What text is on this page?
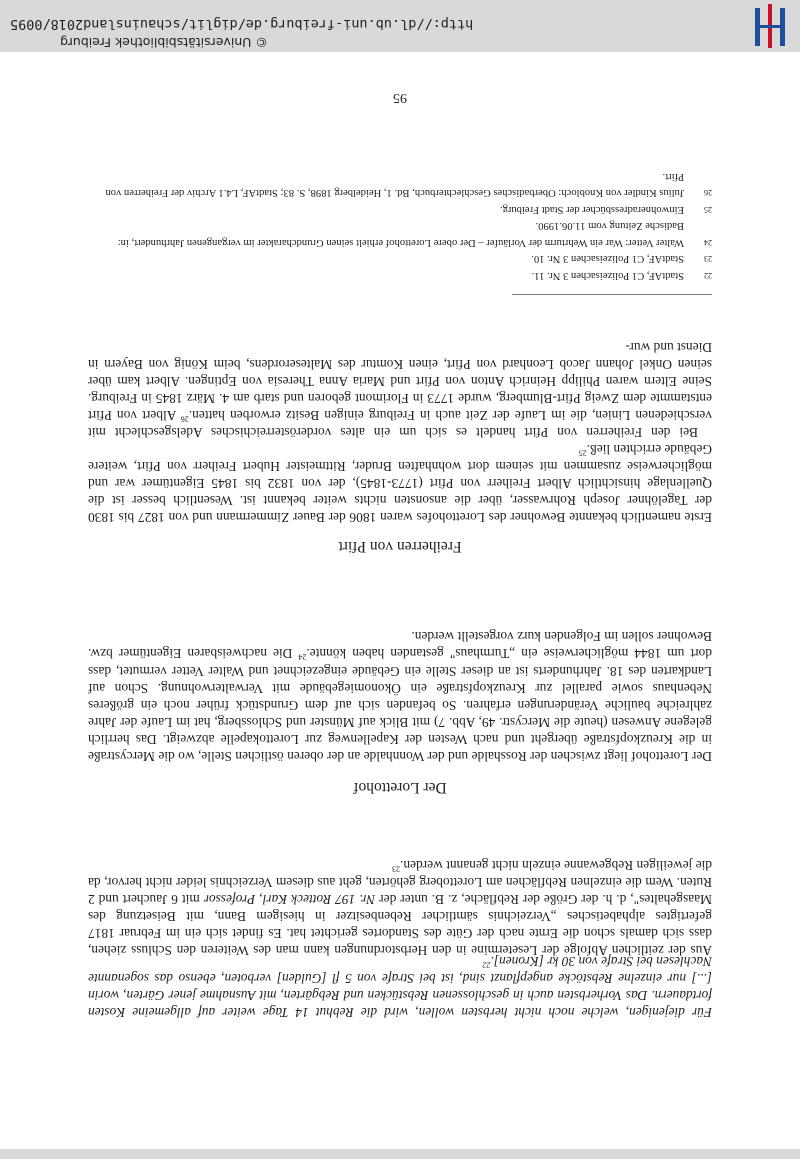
Für diejenigen, welche noch nicht herbsten wollen, wird die Rebhut 14 Tage weiter auf allgemeine Kosten fortdauern. Das Vorherbsten auch in geschlossenen Rebstücken und Rebgärten, mit Ausnahme jener Gärten, worin [...] nur einzelne Rebstöcke angepflanzt sind, ist bei Strafe von 5 fl [Gulden] verboten, ebenso das sogenannte Nachlesen bei Strafe von 30 kr [Kronen].$^{22}$
Aus der zeitlichen Abfolge der Lesetermine in den Herbstordnungen kann man des Weiteren den Schluss ziehen, dass sich damals schon die Ernte nach der Güte des Standortes gerichtet hat. Es findet sich ein im Februar 1817 gefertigtes alphabetisches „Verzeichnis sämtlicher Rebenbesitzer in hiesigem Bann, mit Beisetzung des Maasgehaltes", d. h. der Größe der Rebfläche, z. B. unter der Nr. 197 Rotteck Karl, Professor mit 6 Jauchert und 2 Ruten. Wem die einzelnen Rebflächen am Lorettoberg gehörten, geht aus diesem Verzeichnis leider nicht hervor, da die jeweiligen Rebgewanne einzeln nicht genannt werden.$^{23}$
Der Lorettohof
Der Lorettohof liegt zwischen der Rosshalde und der Wonnhalde an der oberen östlichen Stelle, wo die Mercystraße in die Kreuzkopfstraße übergeht und nach Westen der Kapellenweg zur Lorettokapelle abzweigt. Das herrlich gelegene Anwesen (heute die Mercystr. 49, Abb. 7) mit Blick auf Münster und Schlossberg, hat im Laufe der Jahre zahlreiche bauliche Veränderungen erfahren. So befanden sich auf dem Grundstück früher noch ein größeres Nebenhaus sowie parallel zur Kreuzkopfstraße ein Ökonomiegebäude mit Verwalterwohnung. Schon auf Landkarten des 18. Jahrhunderts ist an dieser Stelle ein Gebäude eingezeichnet und Walter Vetter vermutet, dass dort um 1844 möglicherweise ein „Turmhaus" gestanden haben könnte.$^{24}$ Die nachweisbaren Eigentümer bzw. Bewohner sollen im Folgenden kurz vorgestellt werden.
Freiherren von Pfirt
Erste namentlich bekannte Bewohner des Lorettohofes waren 1806 der Bauer Zimmermann und von 1827 bis 1830 der Tagelöhner Joseph Rohrwasser, über die ansonsten nichts weiter bekannt ist. Wesentlich besser ist die Quellenlage hinsichtlich Albert Freiherr von Pfirt (1773-1845), der von 1832 bis 1845 Eigentümer war und möglicherweise zusammen mit seinem dort wohnhaften Bruder, Rittmeister Hubert Freiherr von Pfirt, weitere Gebäude errichten ließ.$^{25}$
Bei den Freiherren von Pfirt handelt es sich um ein altes vorderösterreichisches Adelsgeschlecht mit verschiedenen Linien, die im Laufe der Zeit auch in Freiburg einigen Besitz erworben hatten.$^{26}$ Albert von Pfirt entstammte dem Zweig Pfirt-Blumberg, wurde 1773 in Florimont geboren und starb am 4. März 1845 in Freiburg. Seine Eltern waren Philipp Heinrich Anton von Pfirt und Maria Anna Theresia von Eptingen. Albert kam über seinen Onkel Johann Jacob Leonhard von Pfirt, einen Komtur des Malteserordens, beim König von Bayern in Dienst und wur-
22
StadtAF, C1 Polizeisachen 3 Nr. 11.
23
StadtAF, C1 Polizeisachen 3 Nr. 10.
24
Walter Vetter: War ein Wehrturm der Vorläufer – Der obere Lorettohof erhielt seinen Grundcharakter im vergangenen Jahrhundert, in: Badische Zeitung vom 11.06.1990.
25
Einwohneradressbücher der Stadt Freiburg.
26
Julius Kindler von Knobloch: Oberbadisches Geschlechterbuch, Bd. 1, Heidelberg 1898, S. 83; StadtAF, L4.1 Archiv der Freiherren von Pfirt.
95
© Universitätsbibliothek Freiburg
http://dl.ub.uni-freiburg.de/diglit/schauinsland2018/0095
